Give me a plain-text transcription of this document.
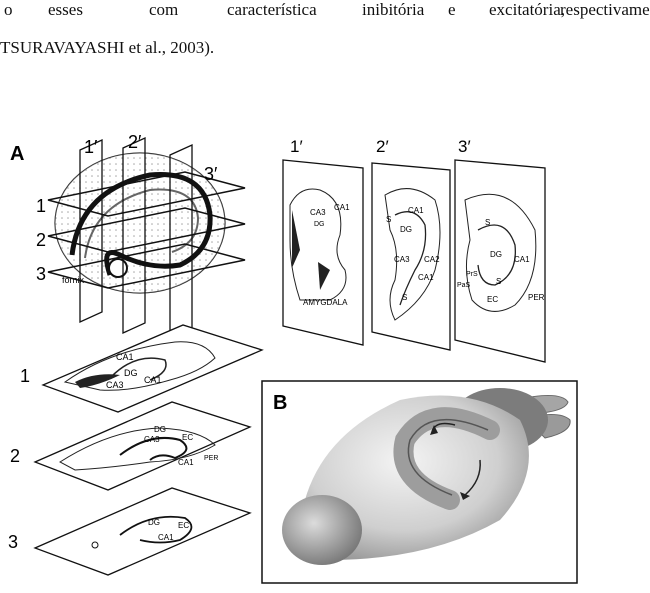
o esses	com	característica	inibitória e excitatória,
respectivame
TSURAVAYASHI et al., 2003).
A
fornix
1′ 2′
3′
1
2
3
1′
CA3
CA1
DG
AMYGDALA
2′
CA1
S
DG
CA3 CA2
CA1
S
3′
S
DG
CA1
PrS
PaS	S
EC	PER
1
CA1
DG
CA1
CA3
2
DG
CA3	EC
CA1 PER
3
DG
CA1
EC
B
